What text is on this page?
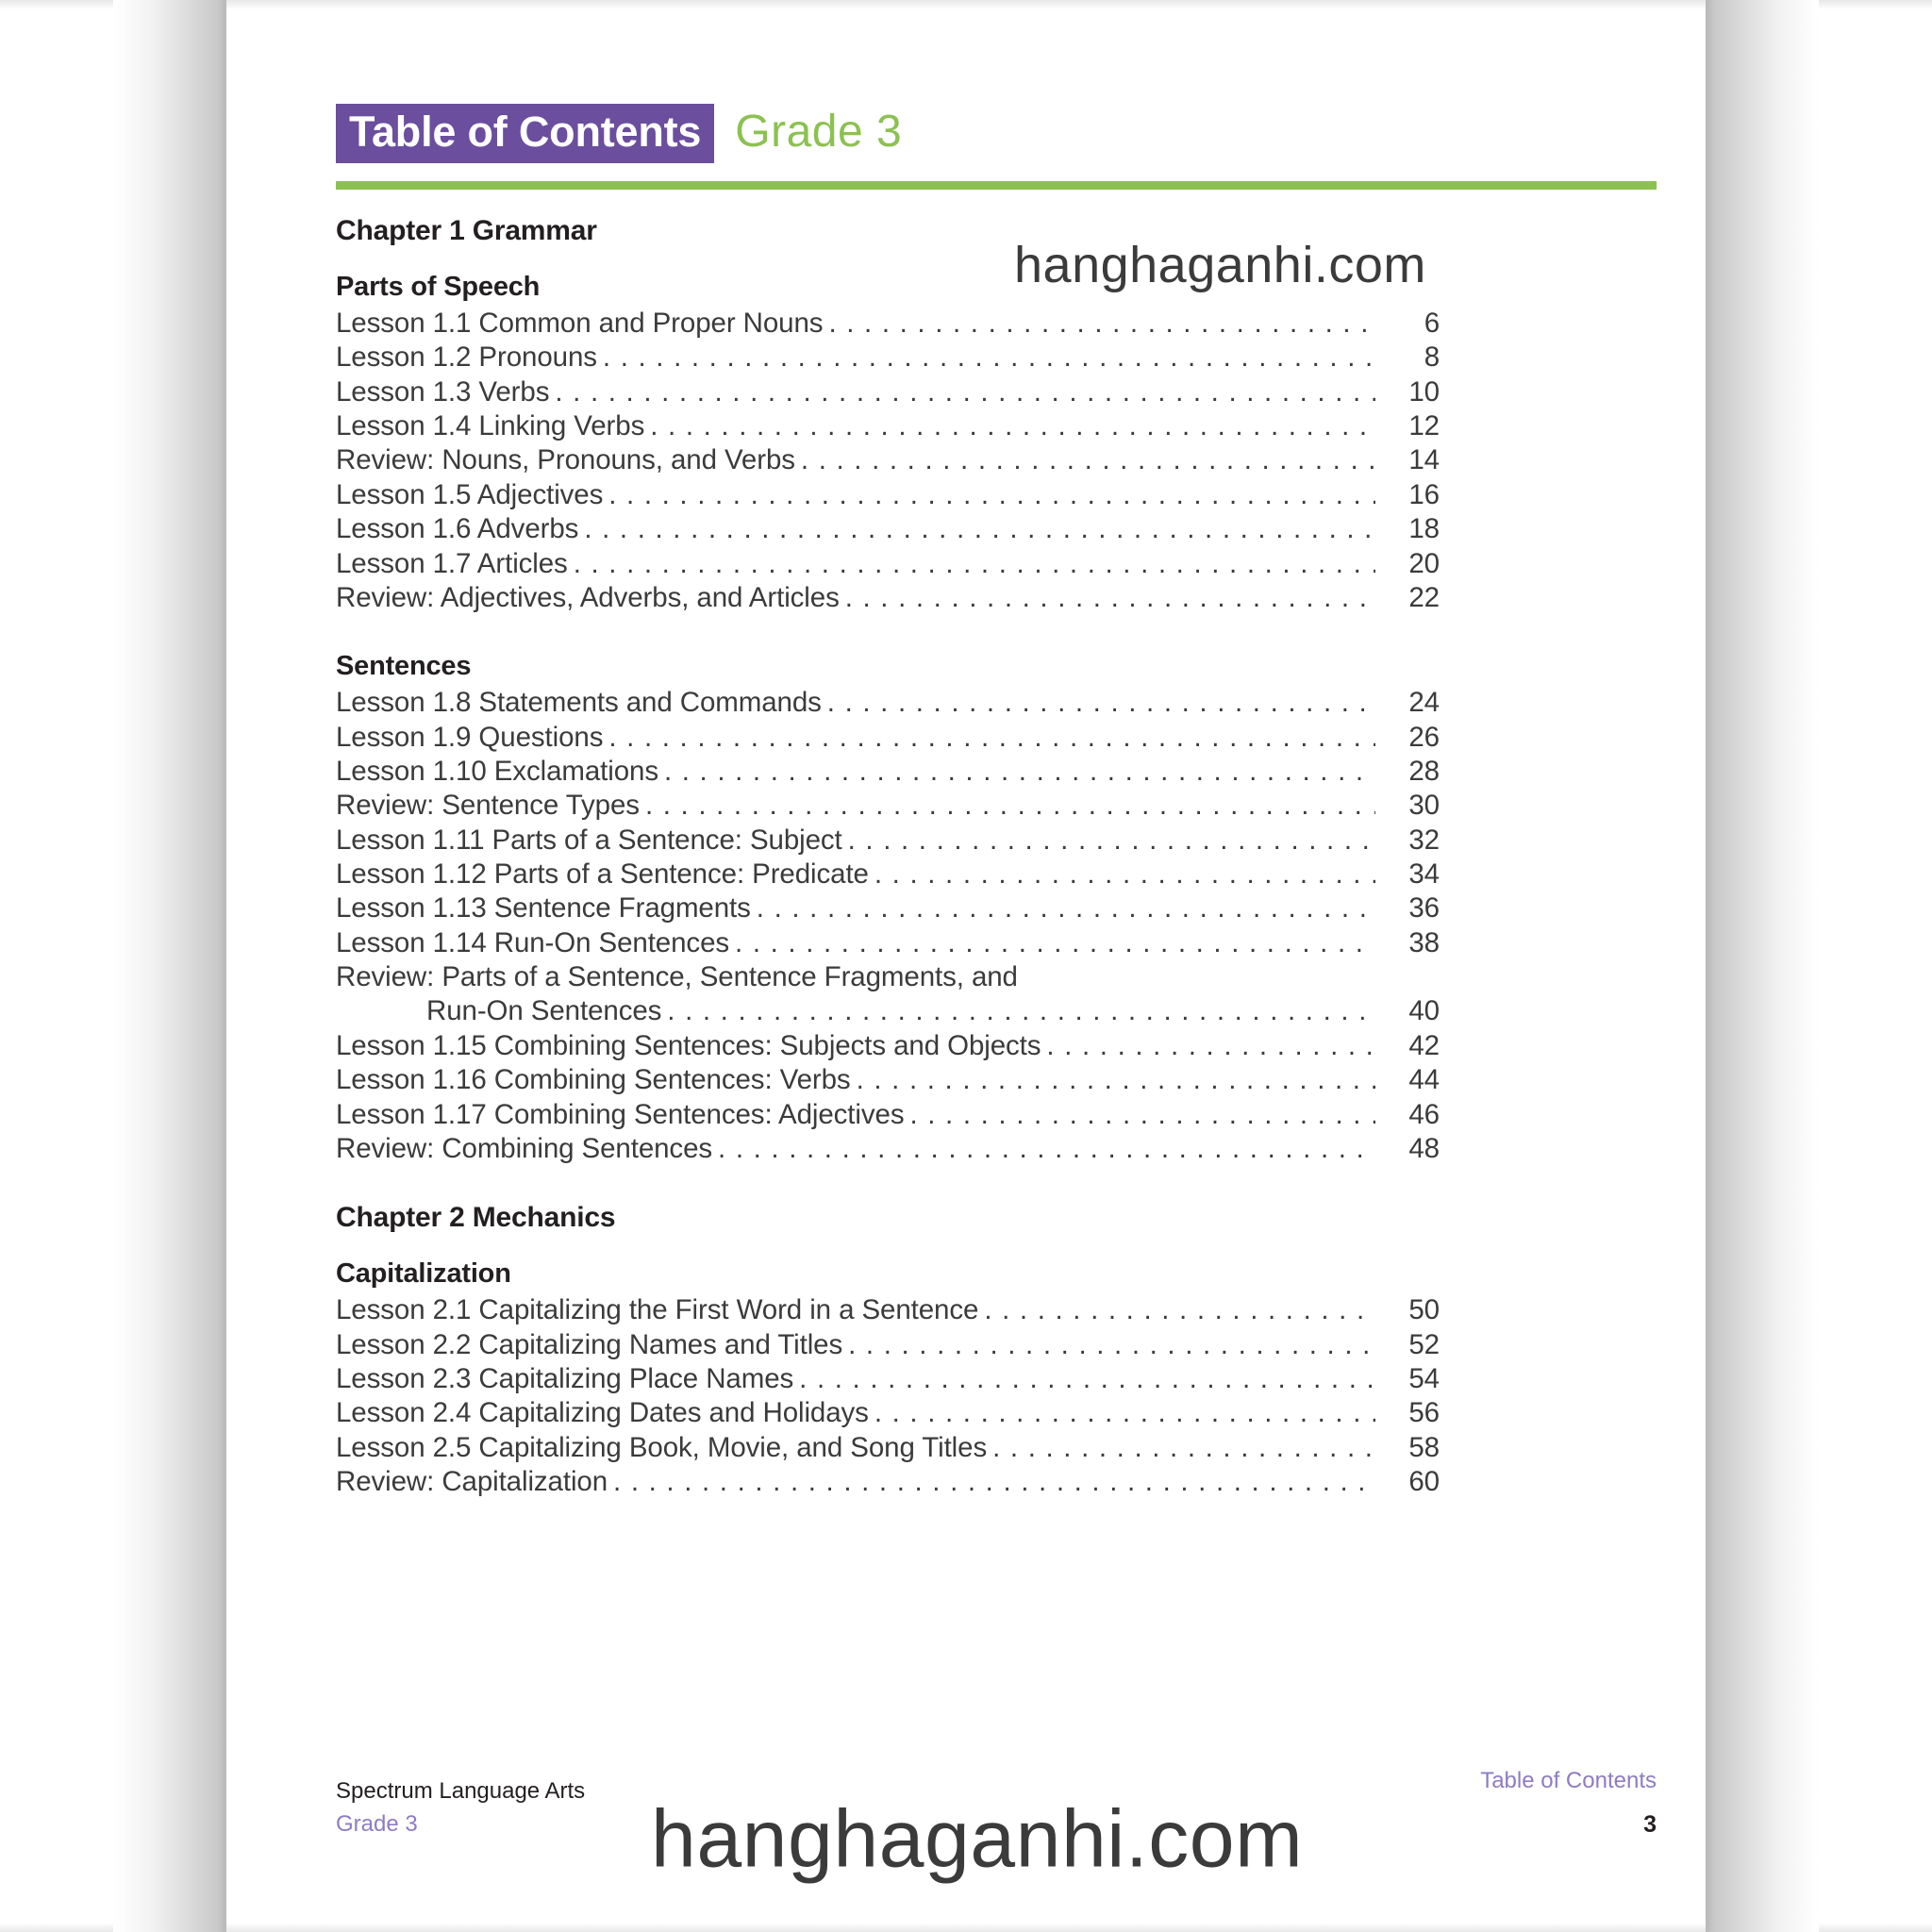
Table of Contents Grade 3
Chapter 1 Grammar
Parts of Speech
Lesson 1.1 Common and Proper Nouns . . .	6
Lesson 1.2 Pronouns . . .	8
Lesson 1.3 Verbs . . .	10
Lesson 1.4 Linking Verbs . . .	12
Review: Nouns, Pronouns, and Verbs . . .	14
Lesson 1.5 Adjectives . . .	16
Lesson 1.6 Adverbs . . .	18
Lesson 1.7 Articles . . .	20
Review: Adjectives, Adverbs, and Articles . . .	22
Sentences
Lesson 1.8 Statements and Commands . . .	24
Lesson 1.9 Questions . . .	26
Lesson 1.10 Exclamations . . .	28
Review: Sentence Types . . .	30
Lesson 1.11 Parts of a Sentence: Subject . . .	32
Lesson 1.12 Parts of a Sentence: Predicate . . .	34
Lesson 1.13 Sentence Fragments . . .	36
Lesson 1.14 Run-On Sentences . . .	38
Review: Parts of a Sentence, Sentence Fragments, and
Run-On Sentences . . .	40
Lesson 1.15 Combining Sentences: Subjects and Objects . . .	42
Lesson 1.16 Combining Sentences: Verbs . . .	44
Lesson 1.17 Combining Sentences: Adjectives . . .	46
Review: Combining Sentences . . .	48
Chapter 2 Mechanics
Capitalization
Lesson 2.1 Capitalizing the First Word in a Sentence . . .	50
Lesson 2.2 Capitalizing Names and Titles . . .	52
Lesson 2.3 Capitalizing Place Names . . .	54
Lesson 2.4 Capitalizing Dates and Holidays . . .	56
Lesson 2.5 Capitalizing Book, Movie, and Song Titles . . .	58
Review: Capitalization . . .	60
Spectrum Language Arts
Grade 3
Table of Contents
3
hanghaganhi.com
hanghaganhi.com
